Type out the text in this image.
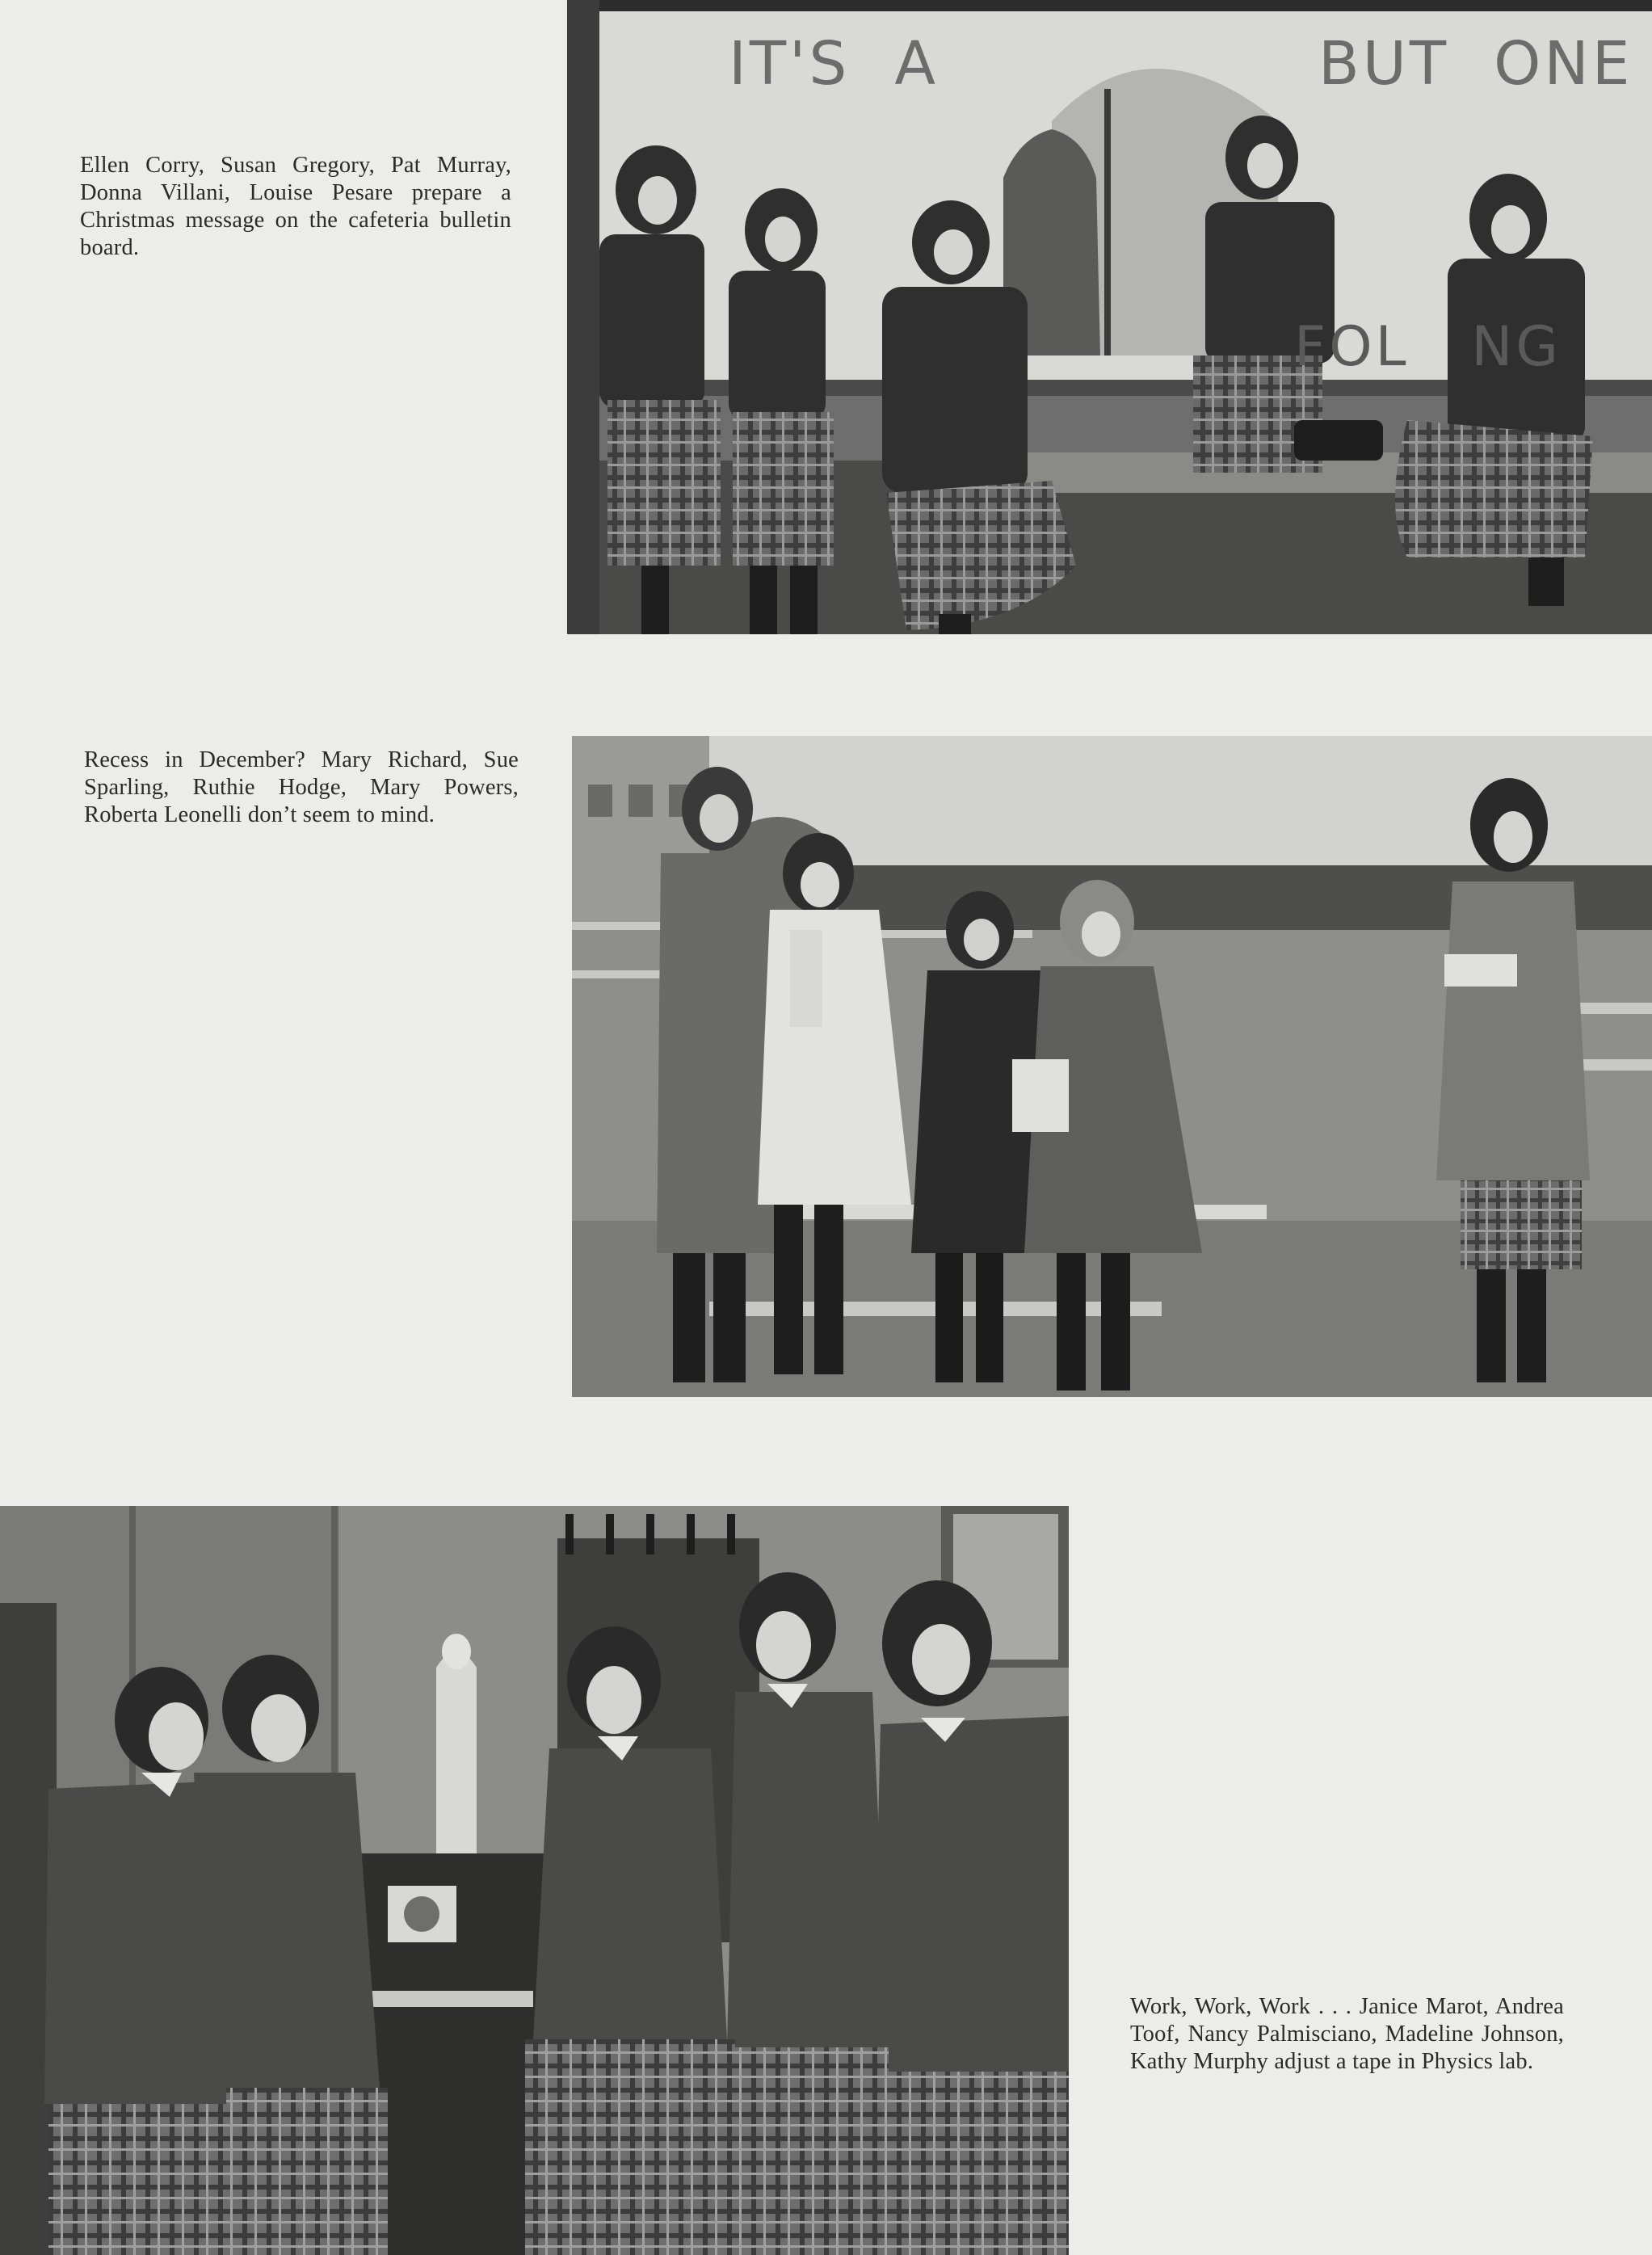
IT'S  A	BUT  ONE
FOL   NG
Ellen Corry, Susan Gregory, Pat Murray, Donna Villani, Louise Pesare prepare a Christmas message on the cafeteria bulletin board.
Recess in December? Mary Richard, Sue Sparling, Ruthie Hodge, Mary Powers, Roberta Leonelli don’t seem to mind.
Work, Work, Work . . . Janice Marot, Andrea Toof, Nancy Palmisciano, Madeline Johnson, Kathy Murphy adjust a tape in Physics lab.
